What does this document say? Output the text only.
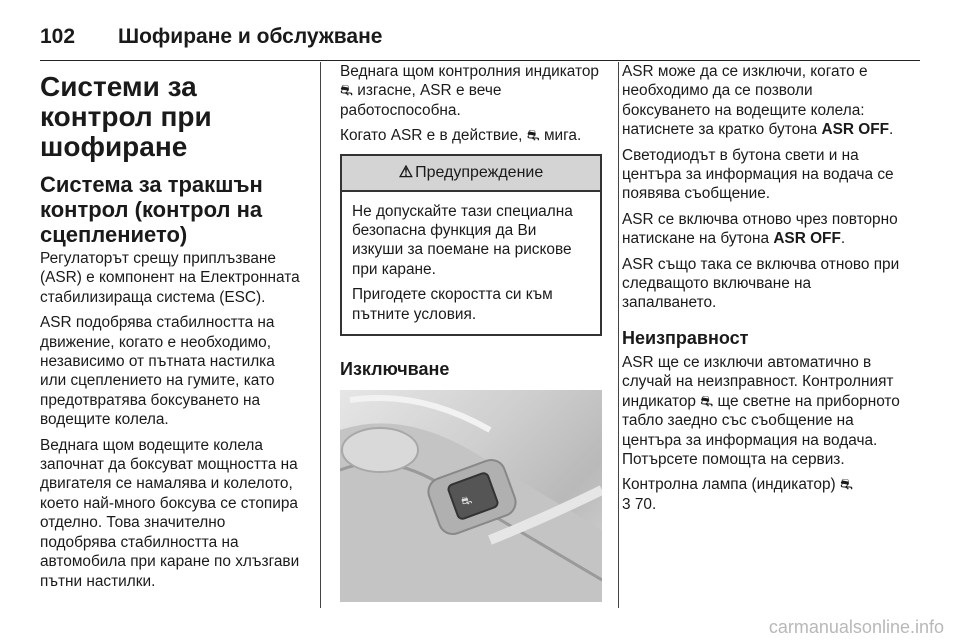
102	Шофиране и обслужване
Системи за контрол при шофиране
Система за тракшън контрол (контрол на сцеплението)

Регулаторът срещу приплъзване (ASR) е компонент на Електронната стабилизираща система (ESC).

ASR подобрява стабилността на движение, когато е необходимо, независимо от пътната настилка или сцеплението на гумите, като предотвратява боксуването на водещите колела.

Веднага щом водещите колела започнат да боксуват мощността на двигателя се намалява и колелото, което най-много боксува се стопира отделно. Това значително подобрява стабилността на автомобила при каране по хлъзгави пътни настилки.

Веднага щом контролния индикатор ⛐ изгасне, ASR е вече работоспособна.

Когато ASR е в действие, ⛐ мига.

⚠ Предупреждение

Не допускайте тази специална безопасна функция да Ви изкуши за поемане на рискове при каране.

Пригодете скоростта си към пътните условия.

Изключване
⛐

ASR може да се изключи, когато е необходимо да се позволи боксуването на водещите колела: натиснете за кратко бутона ASR OFF.

Светодиодът в бутона свети и на центъра за информация на водача се появява съобщение.

ASR се включва отново чрез повторно натискане на бутона ASR OFF.

ASR също така се включва отново при следващото включване на запалването.

Неизправност

ASR ще се изключи автоматично в случай на неизправност. Контролният индикатор ⛐ ще светне на приборното табло заедно със съобщение на центъра за информация на водача. Потърсете помощта на сервиз.

Контролна лампа (индикатор) ⛐
3 70.

carmanualsonline.info
